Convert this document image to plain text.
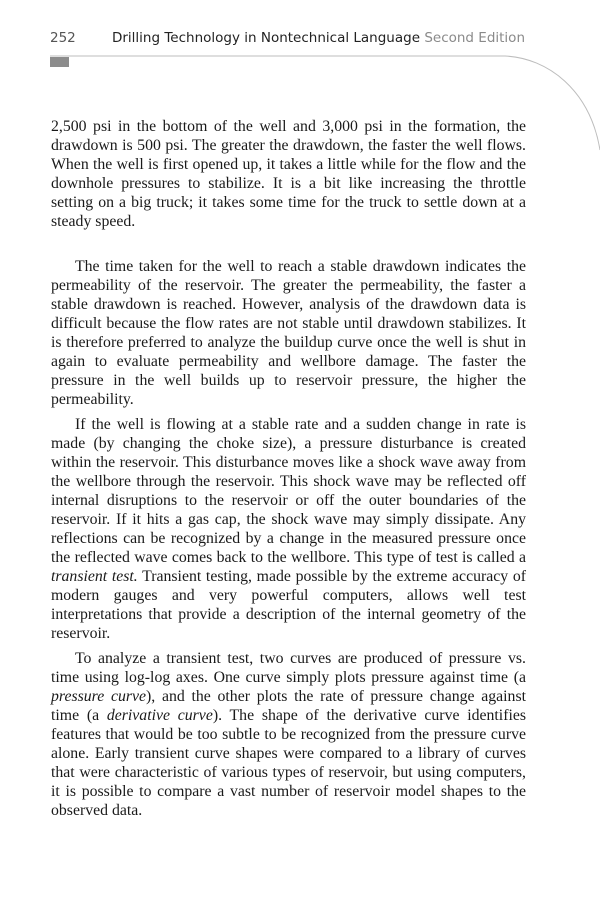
252	Drilling Technology in Nontechnical Language Second Edition

2,500 psi in the bottom of the well and 3,000 psi in the formation, the drawdown is 500 psi. The greater the drawdown, the faster the well flows. When the well is first opened up, it takes a little while for the flow and the downhole pressures to stabilize. It is a bit like increasing the throttle setting on a big truck; it takes some time for the truck to settle down at a steady speed.

The time taken for the well to reach a stable drawdown indicates the permeability of the reservoir. The greater the permeability, the faster a stable drawdown is reached. However, analysis of the drawdown data is difficult because the flow rates are not stable until drawdown stabilizes. It is therefore preferred to analyze the buildup curve once the well is shut in again to evaluate permeability and wellbore damage. The faster the pressure in the well builds up to reservoir pressure, the higher the permeability.

If the well is flowing at a stable rate and a sudden change in rate is made (by changing the choke size), a pressure disturbance is created within the reservoir. This disturbance moves like a shock wave away from the wellbore through the reservoir. This shock wave may be reflected off internal disruptions to the reservoir or off the outer boundaries of the reservoir. If it hits a gas cap, the shock wave may simply dissipate. Any reflections can be recognized by a change in the measured pressure once the reflected wave comes back to the wellbore. This type of test is called a transient test. Transient testing, made possible by the extreme accuracy of modern gauges and very powerful computers, allows well test interpretations that provide a description of the internal geometry of the reservoir.

To analyze a transient test, two curves are produced of pressure vs. time using log-log axes. One curve simply plots pressure against time (a pressure curve), and the other plots the rate of pressure change against time (a derivative curve). The shape of the derivative curve identifies features that would be too subtle to be recognized from the pressure curve alone. Early transient curve shapes were compared to a library of curves that were characteristic of various types of reservoir, but using computers, it is possible to compare a vast number of reservoir model shapes to the observed data.
